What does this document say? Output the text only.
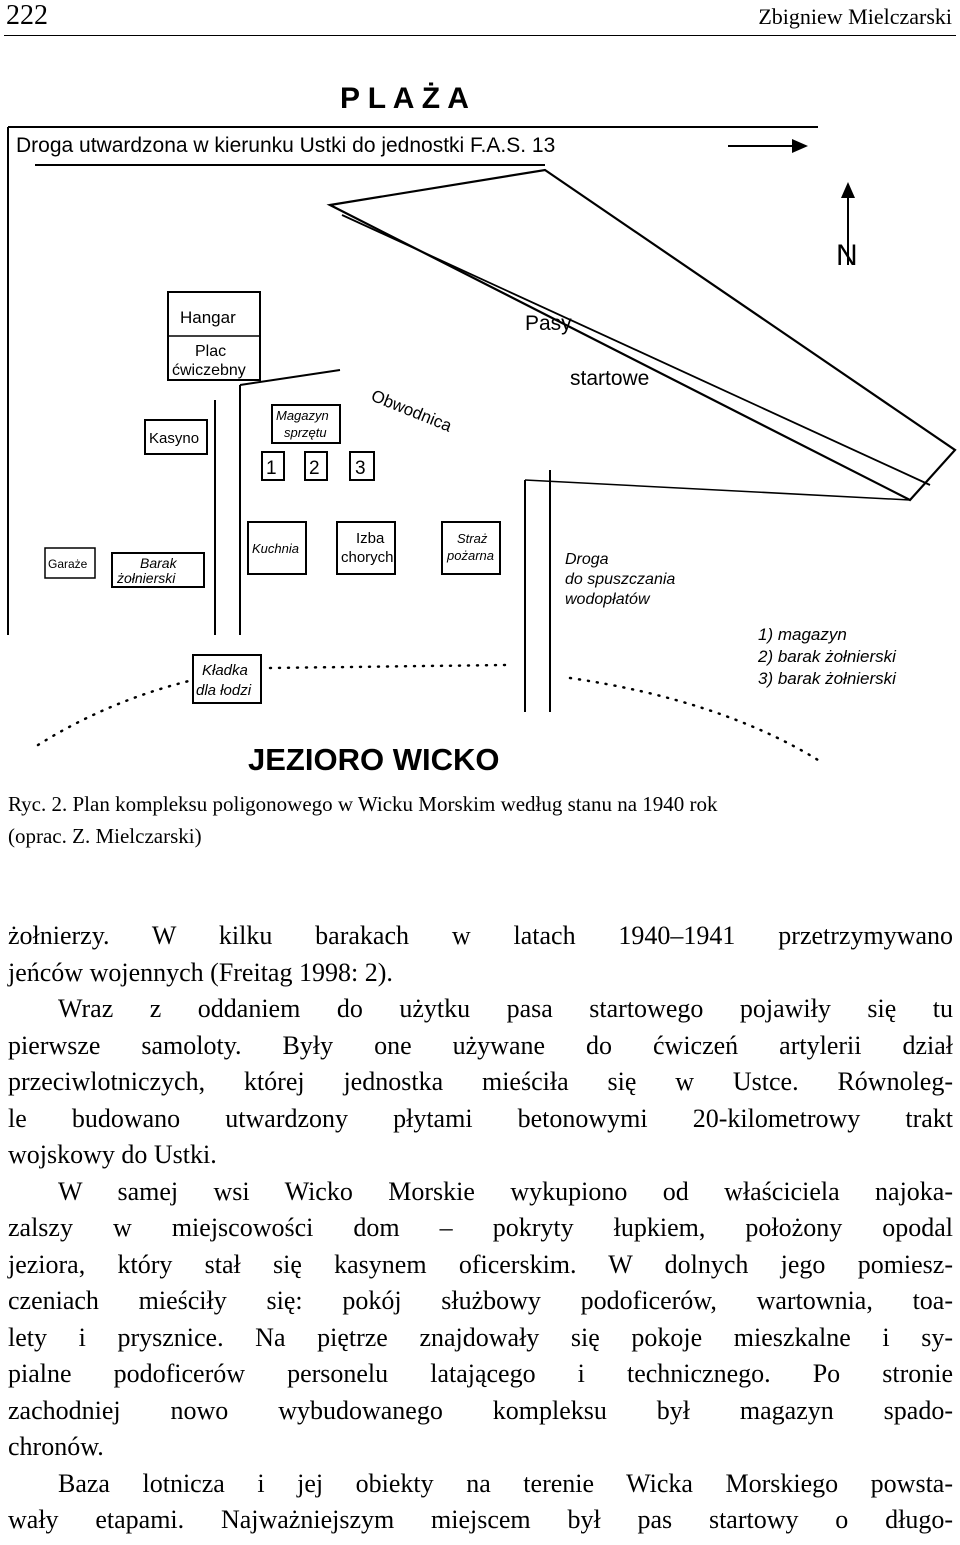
222	Zbigniew Mielczarski
P L A Ż A
Droga utwardzona w kierunku Ustki do jednostki F.A.S. 13
N
Pasy
startowe
Obwodnica
Hangar
Plac
ćwiczebny
Kasyno
Magazyn
sprzętu
1 2 3
Garaże	Barak
żołnierski
Kuchnia
Izba
chorych
Straż
pożarna	Droga
do spuszczania
wodopłatów
1) magazyn
2) barak żołnierski
3) barak żołnierski
Kładka
dla łodzi
JEZIORO WICKO
Ryc. 2. Plan kompleksu poligonowego w Wicku Morskim według stanu na 1940 rok
(oprac. Z. Mielczarski)
żołnierzy. W kilku barakach w latach 1940–1941 przetrzymywano
jeńców wojennych (Freitag 1998: 2).
Wraz z oddaniem do użytku pasa startowego pojawiły się tu
pierwsze samoloty. Były one używane do ćwiczeń artylerii dział
przeciwlotniczych, której jednostka mieściła się w Ustce. Równoleg-
le budowano utwardzony płytami betonowymi 20-kilometrowy trakt
wojskowy do Ustki.
W samej wsi Wicko Morskie wykupiono od właściciela najoka-
zalszy w miejscowości dom – pokryty łupkiem, położony opodal
jeziora, który stał się kasynem oficerskim. W dolnych jego pomiesz-
czeniach mieściły się: pokój służbowy podoficerów, wartownia, toa-
lety i prysznice. Na piętrze znajdowały się pokoje mieszkalne i sy-
pialne podoficerów personelu latającego i technicznego. Po stronie
zachodniej nowo wybudowanego kompleksu był magazyn spado-
chronów.
Baza lotnicza i jej obiekty na terenie Wicka Morskiego powsta-
wały etapami. Najważniejszym miejscem był pas startowy o długo-
